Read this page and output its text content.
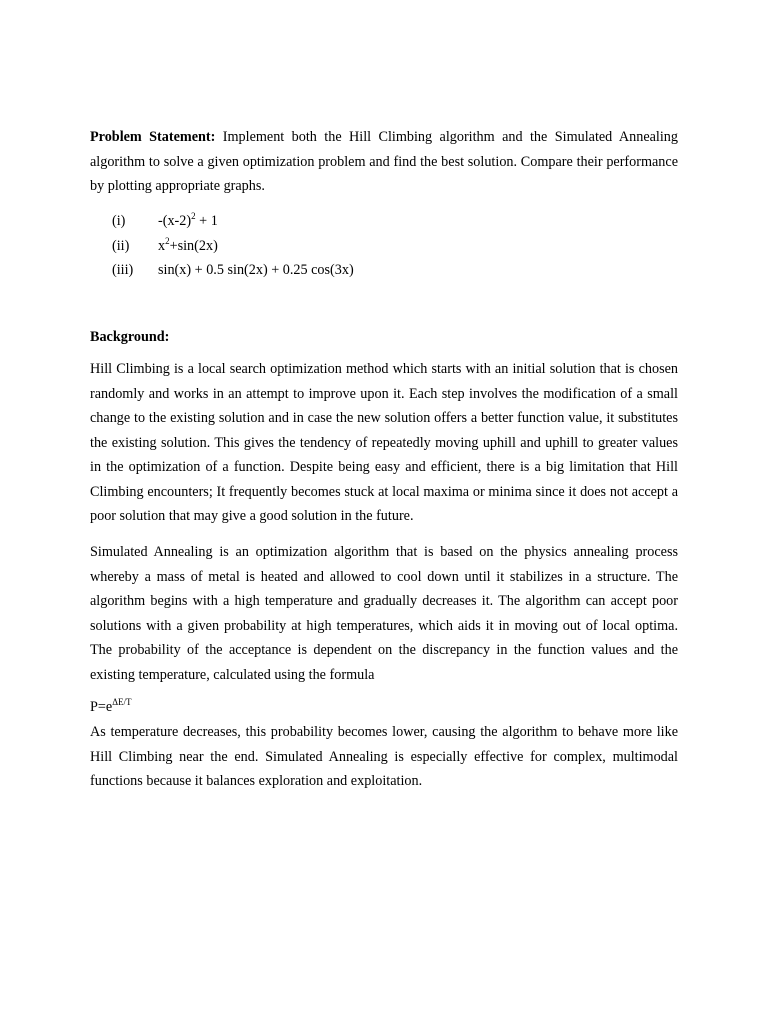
Problem Statement: Implement both the Hill Climbing algorithm and the Simulated Annealing algorithm to solve a given optimization problem and find the best solution. Compare their performance by plotting appropriate graphs.
(i)	$-(x-2)^2 + 1$
(ii)	$x^2+\sin(2x)$
(iii)	sin(x) + 0.5 sin(2x) + 0.25 cos(3x)
Background:
Hill Climbing is a local search optimization method which starts with an initial solution that is chosen randomly and works in an attempt to improve upon it. Each step involves the modification of a small change to the existing solution and in case the new solution offers a better function value, it substitutes the existing solution. This gives the tendency of repeatedly moving uphill and uphill to greater values in the optimization of a function. Despite being easy and efficient, there is a big limitation that Hill Climbing encounters; It frequently becomes stuck at local maxima or minima since it does not accept a poor solution that may give a good solution in the future.
Simulated Annealing is an optimization algorithm that is based on the physics annealing process whereby a mass of metal is heated and allowed to cool down until it stabilizes in a structure. The algorithm begins with a high temperature and gradually decreases it. The algorithm can accept poor solutions with a given probability at high temperatures, which aids it in moving out of local optima. The probability of the acceptance is dependent on the discrepancy in the function values and the existing temperature, calculated using the formula
$P=e^{\Delta E/T}$
As temperature decreases, this probability becomes lower, causing the algorithm to behave more like Hill Climbing near the end. Simulated Annealing is especially effective for complex, multimodal functions because it balances exploration and exploitation.
